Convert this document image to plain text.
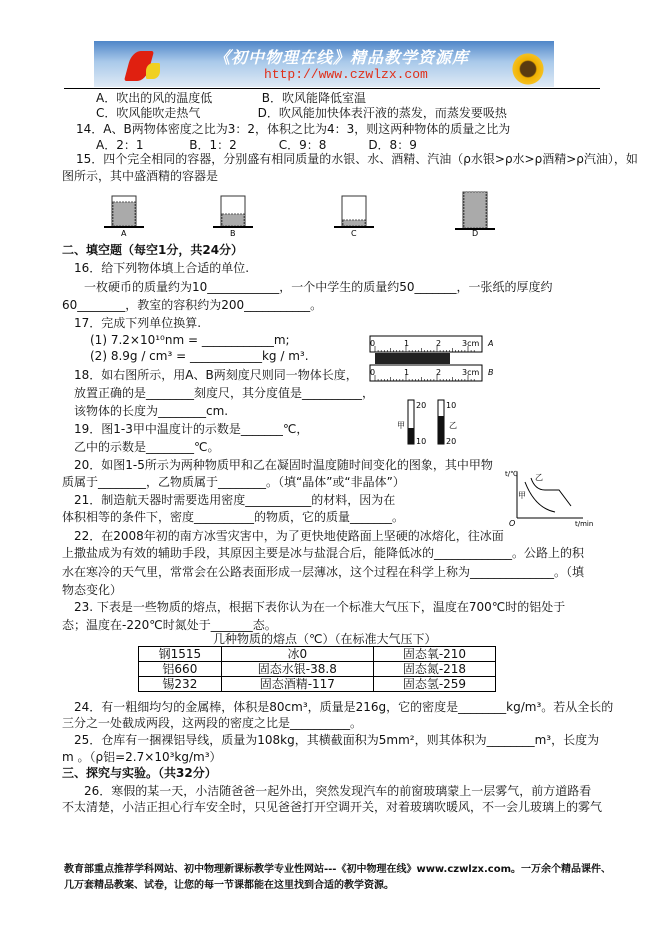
《初中物理在线》精品教学资源库
http://www.czwlzx.com
A．吹出的风的温度低             B．吹风能降低室温
C．吹风能吹走热气               D．吹风能加快体表汗液的蒸发，而蒸发要吸热
14．A、B两物体密度之比为3：2，体积之比为4：3，则这两种物体的质量之比为
A．2：1            B．1：2           C．9：8           D．8：9
15．四个完全相同的容器，分别盛有相同质量的水银、水、酒精、汽油（ρ水银>ρ水>ρ酒精>ρ汽油），如
图所示，其中盛酒精的容器是
二、填空题（每空1分，共24分）
16．给下列物体填上合适的单位.
一枚硬币的质量约为10____________，一个中学生的质量约50_______，一张纸的厚度约
60________，教室的容积约为200___________。
17．完成下列单位换算.
(1) 7.2×10¹⁰nm = ____________m;
(2) 8.9g / cm³ = ____________kg / m³.
18．如右图所示，用A、B两刻度尺则同一物体长度，
放置正确的是________刻度尺，其分度值是__________，
该物体的长度为________cm.
19．图1-3甲中温度计的示数是_______℃，
乙中的示数是________℃。
20．如图1-5所示为两种物质甲和乙在凝固时温度随时间变化的图象，其中甲物
质属于________，乙物质属于________。（填“晶体”或“非晶体”）
21．制造航天器时需要选用密度___________的材料，因为在
体积相等的条件下，密度__________的物质，它的质量_______。
22．在2008年初的南方冰雪灾害中，为了更快地使路面上坚硬的冰熔化，往冰面
上撒盐成为有效的辅助手段，其原因主要是冰与盐混合后，能降低冰的_____________。公路上的积
水在寒冷的天气里，常常会在公路表面形成一层薄冰，这个过程在科学上称为______________。（填
物态变化）
23. 下表是一些物质的熔点，根据下表你认为在一个标准大气压下，温度在700℃时的铝处于
态；温度在-220℃时氮处于_______态。
几种物质的熔点（℃）（在标准大气压下）
24．有一粗细均匀的金属棒，体积是80cm³，质量是216g，它的密度是________kg/m³。若从全长的
三分之一处截成两段，这两段的密度之比是__________。
25．仓库有一捆裸铝导线，质量为108kg，其横截面积为5mm²，则其体积为________m³，长度为
m 。（ρ铝=2.7×10³kg/m³）
三、探究与实验。（共32分）
26．寒假的某一天，小洁随爸爸一起外出，突然发现汽车的前窗玻璃蒙上一层雾气，前方道路看
不太清楚，小洁正担心行车安全时，只见爸爸打开空调开关，对着玻璃吹暖风，不一会儿玻璃上的雾气
A	B	C	D
0	1	2	3cm
0	1	2	3cm
A
B
20
10
10
20
甲	乙
t/℃
t/min
O
甲
乙
钢1515	冰0	固态氧-210
铝660	固态水银-38.8	固态氮-218
锡232	固态酒精-117	固态氢-259
教育部重点推荐学科网站、初中物理新课标教学专业性网站---《初中物理在线》www.czwlzx.com。一万余个精品课件、
几万套精品教案、试卷，让您的每一节课都能在这里找到合适的教学资源。
